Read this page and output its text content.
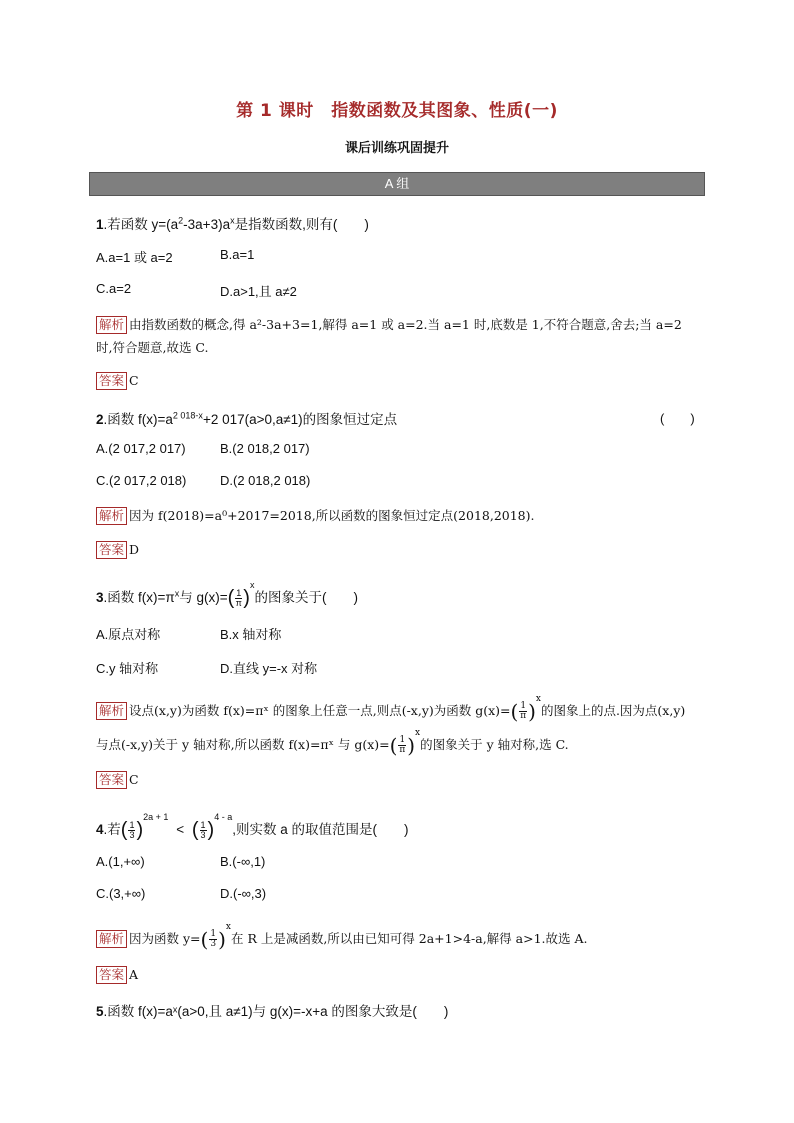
第 1 课时　指数函数及其图象、性质(一)
课后训练巩固提升
A 组
1.若函数 $y=(a^2-3a+3)a^x$是指数函数,则有(　　)
A.a=1 或 a=2	B.a=1
C.a=2	D.a>1,且 a≠2
解析 由指数函数的概念,得 a²-3a+3=1,解得 a=1 或 a=2.当 a=1 时,底数是 1,不符合题意,舍去;当 a=2
时,符合题意,故选 C.
答案 C
2.函数 $f(x)=a^{2 018-x}+2$ 017(a>0,a≠1)的图象恒过定点	(　　)
A.(2 017,2 017)	B.(2 018,2 017)
C.(2 017,2 018)	D.(2 018,2 018)
解析 因为 f(2018)=a⁰+2017=2018,所以函数的图象恒过定点(2018,2018).
答案 D
3.函数 $f(x)=\pi^x$与 $g(x)=( \frac{1}{\pi} )^x$的图象关于(　　)
A.原点对称	B.x 轴对称
C.y 轴对称	D.直线 y=-x 对称
解析 设点(x,y)为函数 f(x)=πˣ 的图象上任意一点,则点(-x,y)为函数 $g(x)=( \frac{1}{\pi} )^x$的图象上的点.因为点(x,y)
与点(-x,y)关于 y 轴对称,所以函数 f(x)=πˣ 与 $g(x)=( \frac{1}{\pi} )^x$的图象关于 y 轴对称,选 C.
答案 C
4.若( $\frac{1}{3} )^{2a + 1}$ < ( $\frac{1}{3} )^{4 - a}$,则实数 a 的取值范围是(　　)
A.(1,+∞)	B.(-∞,1)
C.(3,+∞)	D.(-∞,3)
解析 因为函数 $y=( \frac{1}{3} )^x$在 R 上是减函数,所以由已知可得 2a+1>4-a,解得 a>1.故选 A.
答案 A
5.函数 f(x)=aˣ(a>0,且 a≠1)与 g(x)=-x+a 的图象大致是(　　)
